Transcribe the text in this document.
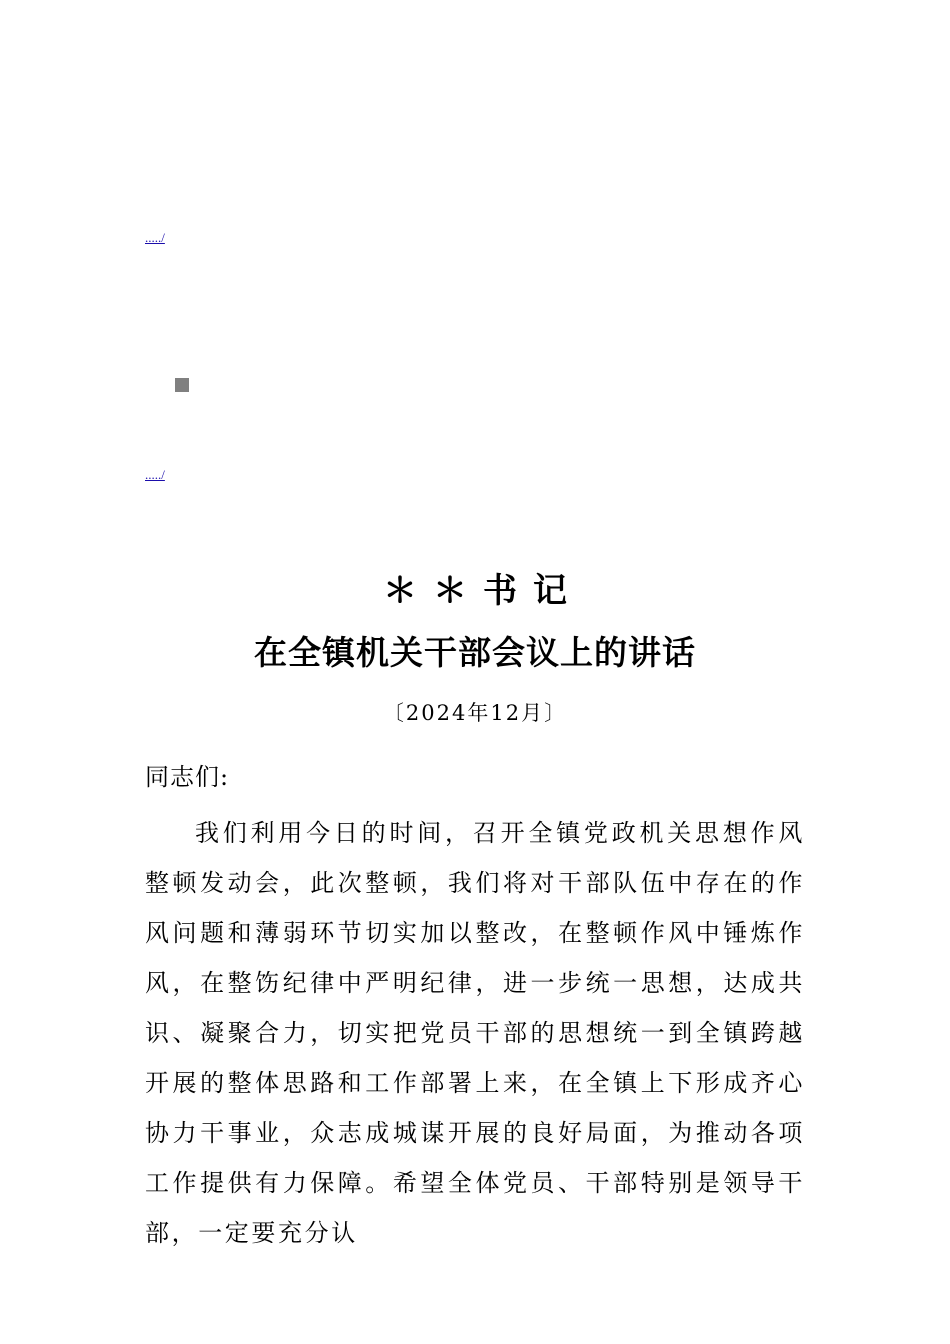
...../
...../
＊＊书记
在全镇机关干部会议上的讲话
〔2024年12月〕
同志们:

我们利用今日的时间，召开全镇党政机关思想作风整顿发动会，此次整顿，我们将对干部队伍中存在的作风问题和薄弱环节切实加以整改，在整顿作风中锤炼作风，在整饬纪律中严明纪律，进一步统一思想，达成共识、凝聚合力，切实把党员干部的思想统一到全镇跨越开展的整体思路和工作部署上来，在全镇上下形成齐心协力干事业，众志成城谋开展的良好局面，为推动各项工作提供有力保障。希望全体党员、干部特别是领导干部，一定要充分认
